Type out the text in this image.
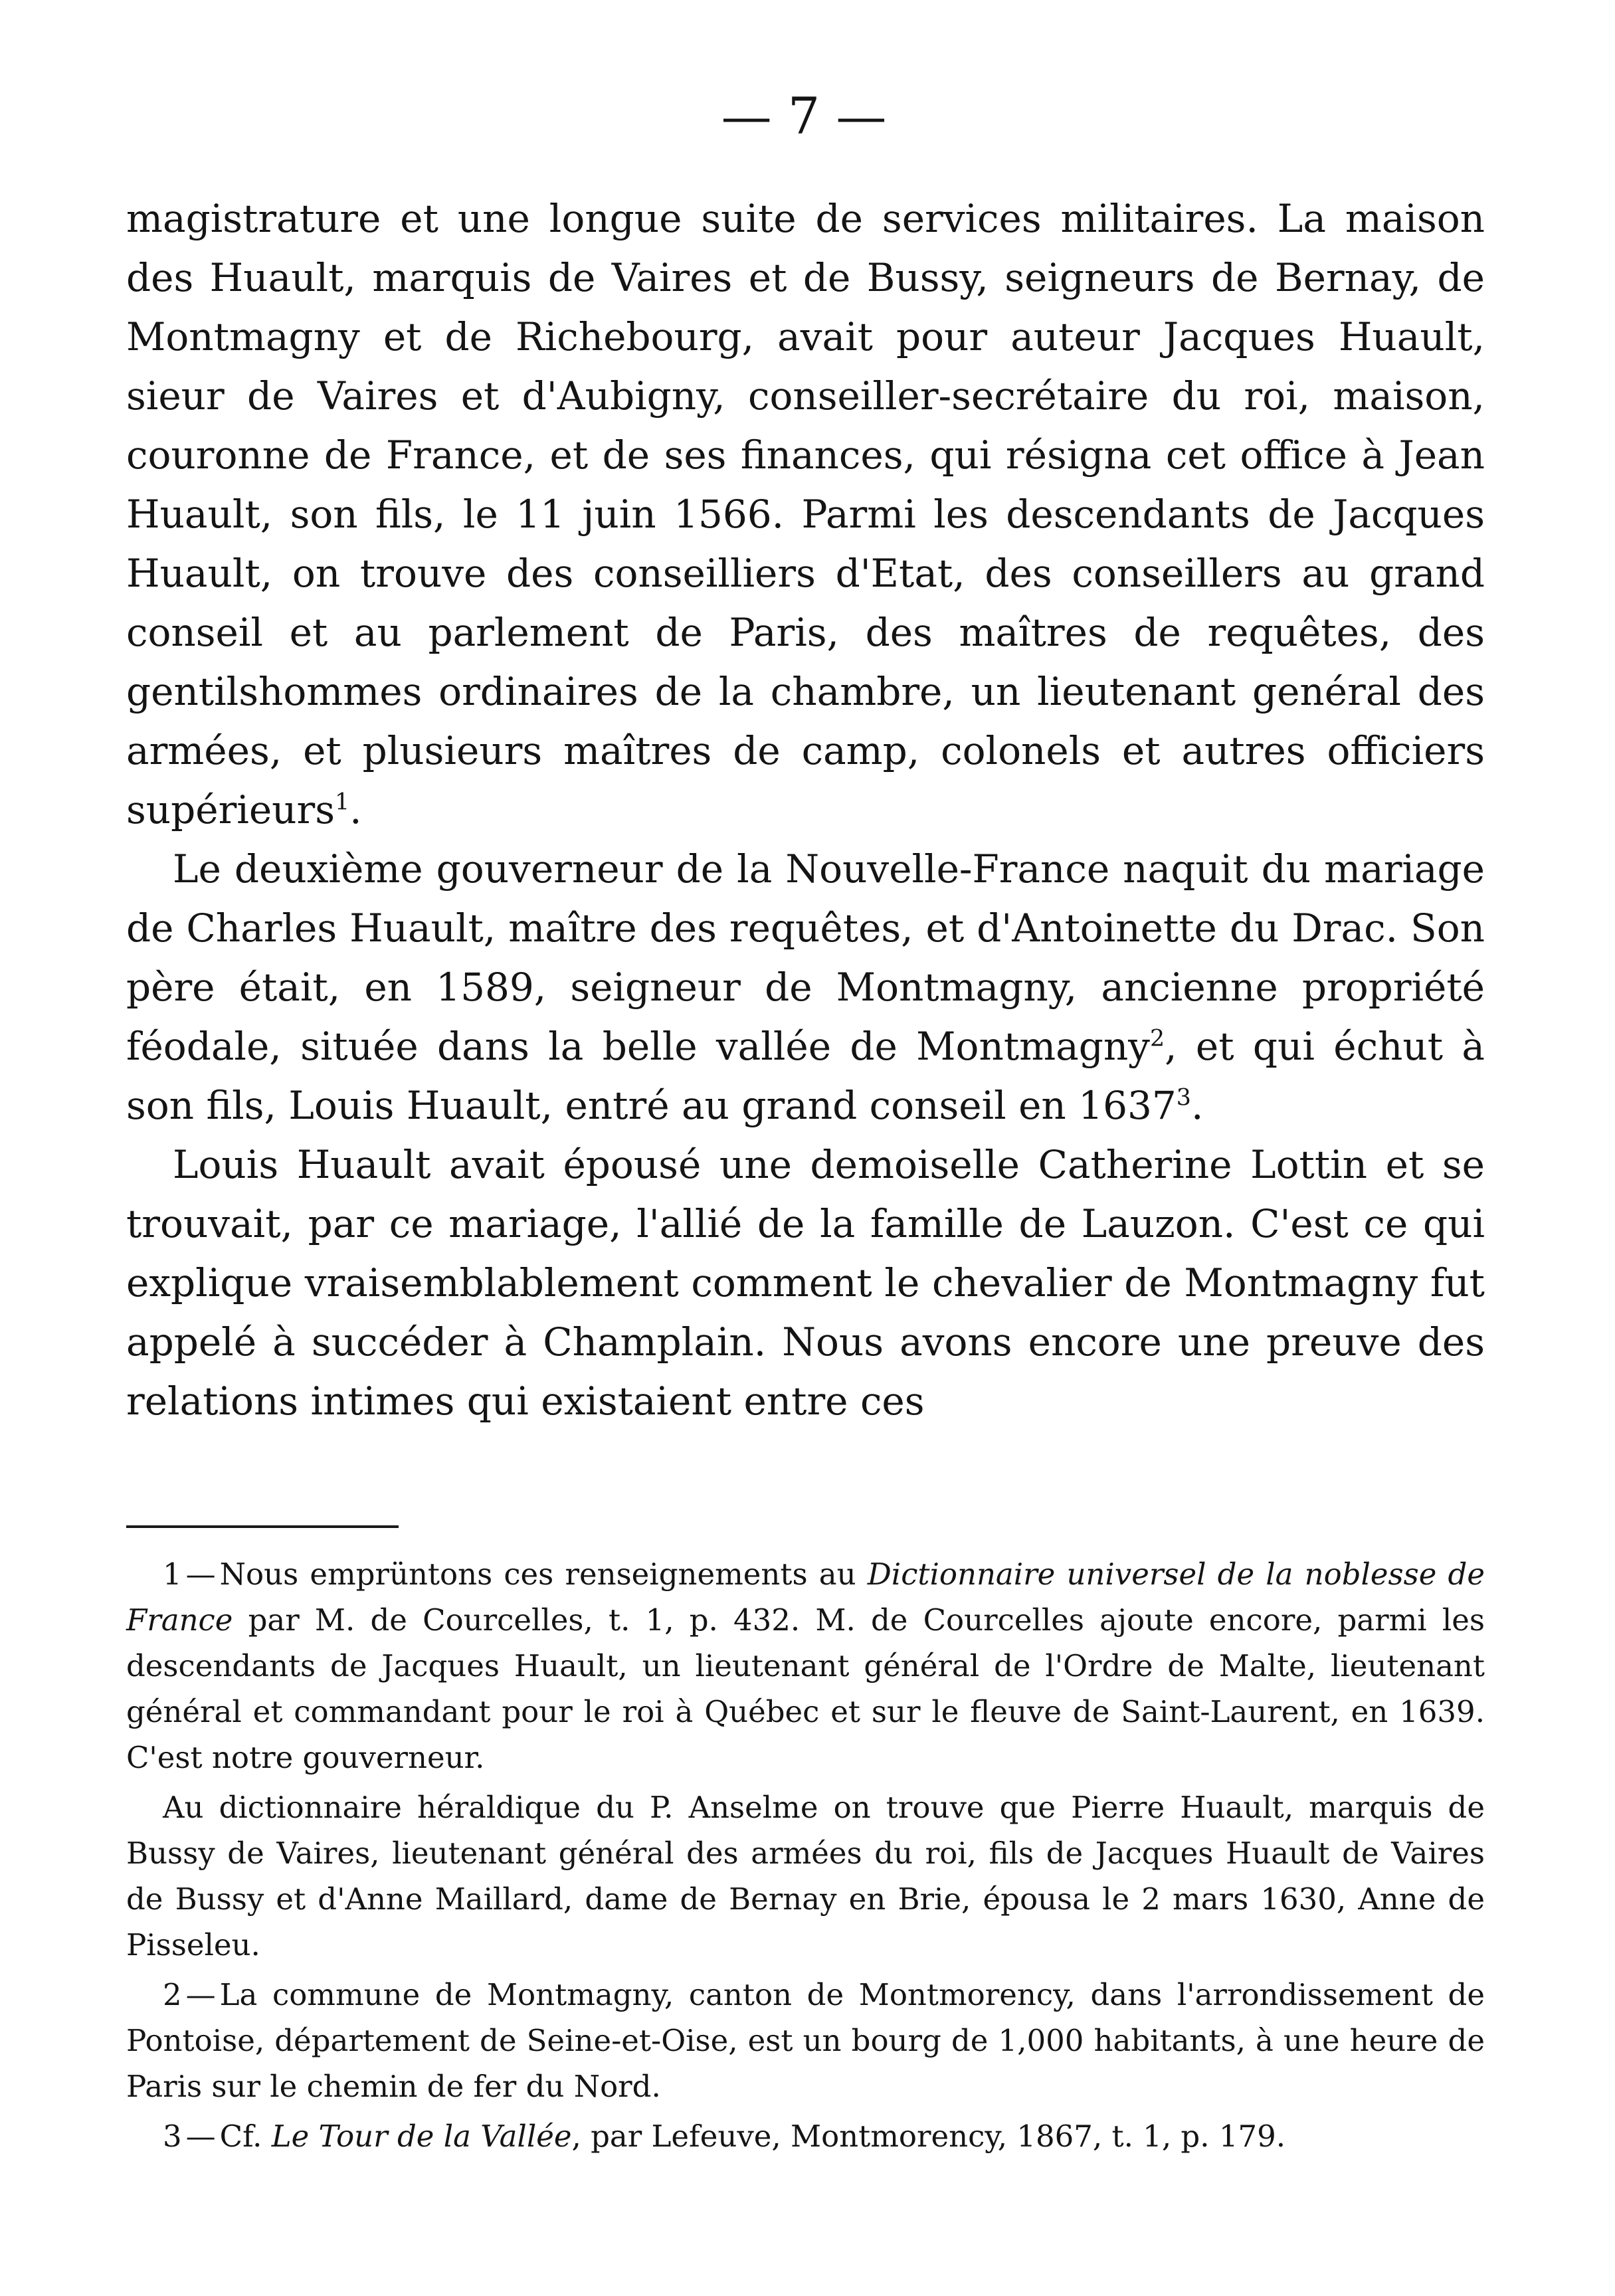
— 7 —

magistrature et une longue suite de services militaires. La maison des Huault, marquis de Vaires et de Bussy, seigneurs de Bernay, de Montmagny et de Richebourg, avait pour auteur Jacques Huault, sieur de Vaires et d'Aubigny, conseiller-secrétaire du roi, maison, couronne de France, et de ses finances, qui résigna cet office à Jean Huault, son fils, le 11 juin 1566. Parmi les descendants de Jacques Huault, on trouve des conseilliers d'Etat, des conseillers au grand conseil et au parlement de Paris, des maîtres de requêtes, des gentilshommes ordinaires de la chambre, un lieutenant genéral des armées, et plusieurs maîtres de camp, colonels et autres officiers supérieurs$^1$.

Le deuxième gouverneur de la Nouvelle-France naquit du mariage de Charles Huault, maître des requêtes, et d'Antoinette du Drac. Son père était, en 1589, seigneur de Montmagny, ancienne propriété féodale, située dans la belle vallée de Montmagny$^2$, et qui échut à son fils, Louis Huault, entré au grand conseil en 1637$^3$.

Louis Huault avait épousé une demoiselle Catherine Lottin et se trouvait, par ce mariage, l'allié de la famille de Lauzon. C'est ce qui explique vraisemblablement comment le chevalier de Montmagny fut appelé à succéder à Champlain. Nous avons encore une preuve des relations intimes qui existaient entre ces

1 — Nous emprüntons ces renseignements au Dictionnaire universel de la noblesse de France par M. de Courcelles, t. 1, p. 432. M. de Courcelles ajoute encore, parmi les descendants de Jacques Huault, un lieutenant général de l'Ordre de Malte, lieutenant général et commandant pour le roi à Québec et sur le fleuve de Saint-Laurent, en 1639. C'est notre gouverneur.

Au dictionnaire héraldique du P. Anselme on trouve que Pierre Huault, marquis de Bussy de Vaires, lieutenant général des armées du roi, fils de Jacques Huault de Vaires de Bussy et d'Anne Maillard, dame de Bernay en Brie, épousa le 2 mars 1630, Anne de Pisseleu.

2 — La commune de Montmagny, canton de Montmorency, dans l'arrondissement de Pontoise, département de Seine-et-Oise, est un bourg de 1,000 habitants, à une heure de Paris sur le chemin de fer du Nord.

3 — Cf. Le Tour de la Vallée, par Lefeuve, Montmorency, 1867, t. 1, p. 179.
